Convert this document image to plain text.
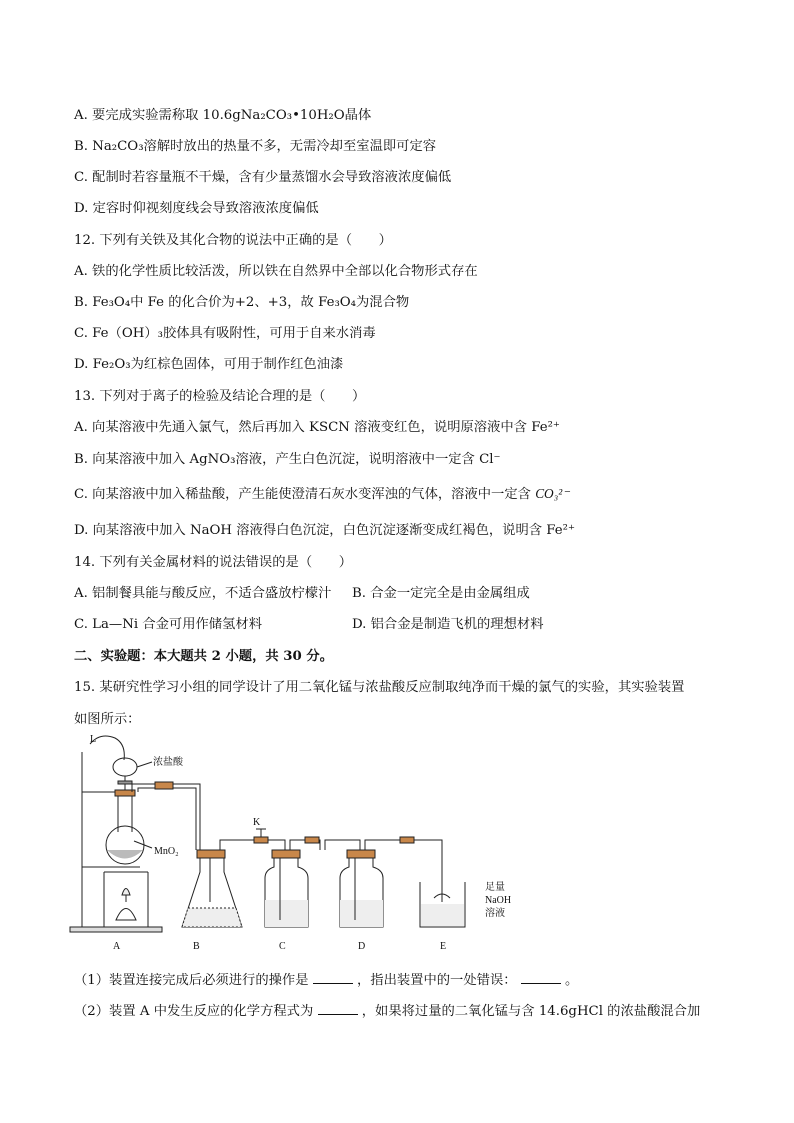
A. 要完成实验需称取 10.6gNa₂CO₃•10H₂O晶体
B. Na₂CO₃溶解时放出的热量不多，无需冷却至室温即可定容
C. 配制时若容量瓶不干燥，含有少量蒸馏水会导致溶液浓度偏低
D. 定容时仰视刻度线会导致溶液浓度偏低
12. 下列有关铁及其化合物的说法中正确的是（　　）
A. 铁的化学性质比较活泼，所以铁在自然界中全部以化合物形式存在
B. Fe₃O₄中 Fe 的化合价为+2、+3，故 Fe₃O₄为混合物
C. Fe（OH）₃胶体具有吸附性，可用于自来水消毒
D. Fe₂O₃为红棕色固体，可用于制作红色油漆
13. 下列对于离子的检验及结论合理的是（　　）
A. 向某溶液中先通入氯气，然后再加入 KSCN 溶液变红色，说明原溶液中含 Fe²⁺
B. 向某溶液中加入 AgNO₃溶液，产生白色沉淀，说明溶液中一定含 Cl⁻
C. 向某溶液中加入稀盐酸，产生能使澄清石灰水变浑浊的气体，溶液中一定含 CO₃²⁻
D. 向某溶液中加入 NaOH 溶液得白色沉淀，白色沉淀逐渐变成红褐色，说明含 Fe²⁺
14. 下列有关金属材料的说法错误的是（　　）
A. 铝制餐具能与酸反应，不适合盛放柠檬汁 B. 合金一定完全是由金属组成
C. La—Ni 合金可用作储氢材料	D. 铝合金是制造飞机的理想材料
二、实验题：本大题共 2 小题，共 30 分。
15. 某研究性学习小组的同学设计了用二氧化锰与浓盐酸反应制取纯净而干燥的氯气的实验，其实验装置
如图所示：
L
浓盐酸
K
MnO₂
足量
NaOH
溶液
A	B	C	D	E
（1）装置连接完成后必须进行的操作是	，指出装置中的一处错误：	。
（2）装置 A 中发生反应的化学方程式为	，如果将过量的二氧化锰与含 14.6gHCl 的浓盐酸混合加
